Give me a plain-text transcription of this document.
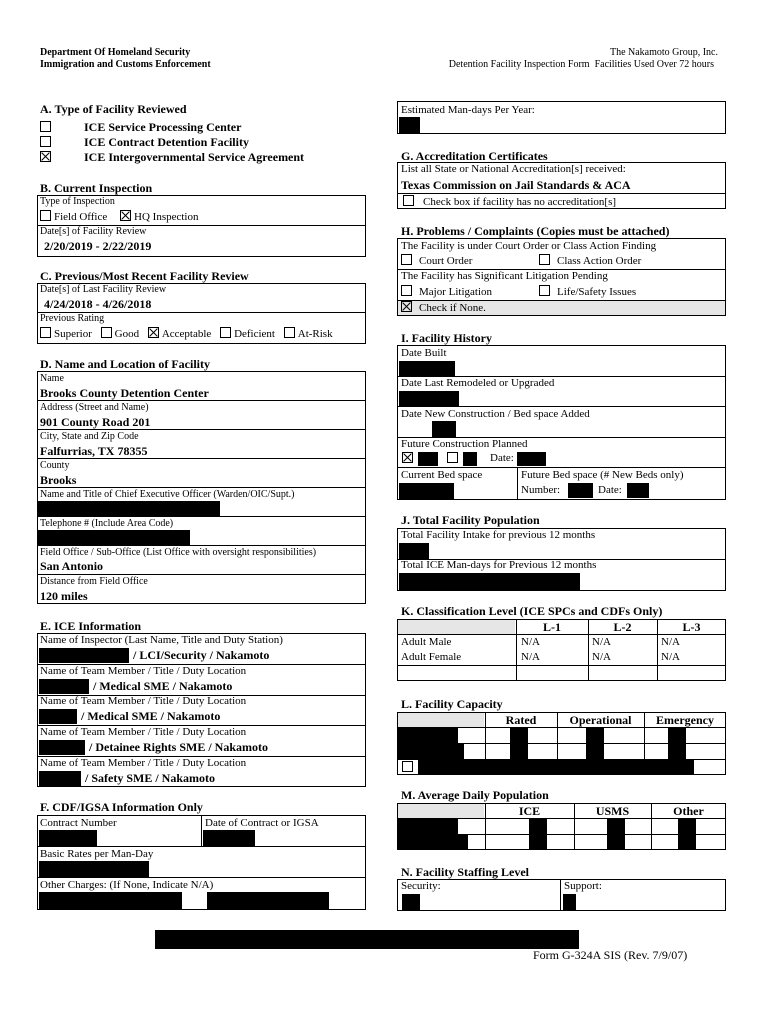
Department Of Homeland Security
Immigration and Customs Enforcement
The Nakamoto Group, Inc.
Detention Facility Inspection Form Facilities Used Over 72 hours
A. Type of Facility Reviewed
ICE Service Processing Center
ICE Contract Detention Facility
ICE Intergovernmental Service Agreement
B. Current Inspection
Type of Inspection
Field Office HQ Inspection
Date[s] of Facility Review
2/20/2019 - 2/22/2019
C. Previous/Most Recent Facility Review
Date[s] of Last Facility Review
4/24/2018 - 4/26/2018
Previous Rating
Superior Good Acceptable Deficient At-Risk
D. Name and Location of Facility
Name
Brooks County Detention Center
Address (Street and Name)
901 County Road 201
City, State and Zip Code
Falfurrias, TX 78355
County
Brooks
Name and Title of Chief Executive Officer (Warden/OIC/Supt.)
Telephone # (Include Area Code)
Field Office / Sub-Office (List Office with oversight responsibilities)
San Antonio
Distance from Field Office
120 miles
E. ICE Information
Name of Inspector (Last Name, Title and Duty Station)
/ LCI/Security / Nakamoto
Name of Team Member / Title / Duty Location
/ Medical SME / Nakamoto
Name of Team Member / Title / Duty Location
/ Medical SME / Nakamoto
Name of Team Member / Title / Duty Location
/ Detainee Rights SME / Nakamoto
Name of Team Member / Title / Duty Location
/ Safety SME / Nakamoto
F. CDF/IGSA Information Only
Contract Number	Date of Contract or IGSA
Basic Rates per Man-Day
Other Charges: (If None, Indicate N/A)
Estimated Man-days Per Year:
G. Accreditation Certificates
List all State or National Accreditation[s] received:
Texas Commission on Jail Standards & ACA
Check box if facility has no accreditation[s]
H. Problems / Complaints (Copies must be attached)
The Facility is under Court Order or Class Action Finding
Court Order	Class Action Order
The Facility has Significant Litigation Pending
Major Litigation	Life/Safety Issues
Check if None.
I. Facility History
Date Built
Date Last Remodeled or Upgraded
Date New Construction / Bed space Added
Future Construction Planned
Date:
Current Bed space	Future Bed space (# New Beds only)
Number:	Date:
J. Total Facility Population
Total Facility Intake for previous 12 months
Total ICE Man-days for Previous 12 months
K. Classification Level (ICE SPCs and CDFs Only)
L-1	L-2	L-3
Adult Male	N/A	N/A	N/A
Adult Female	N/A	N/A	N/A
L. Facility Capacity
Rated	Operational	Emergency
M. Average Daily Population
ICE	USMS	Other
N. Facility Staffing Level
Security:	Support:
Form G-324A SIS (Rev. 7/9/07)
